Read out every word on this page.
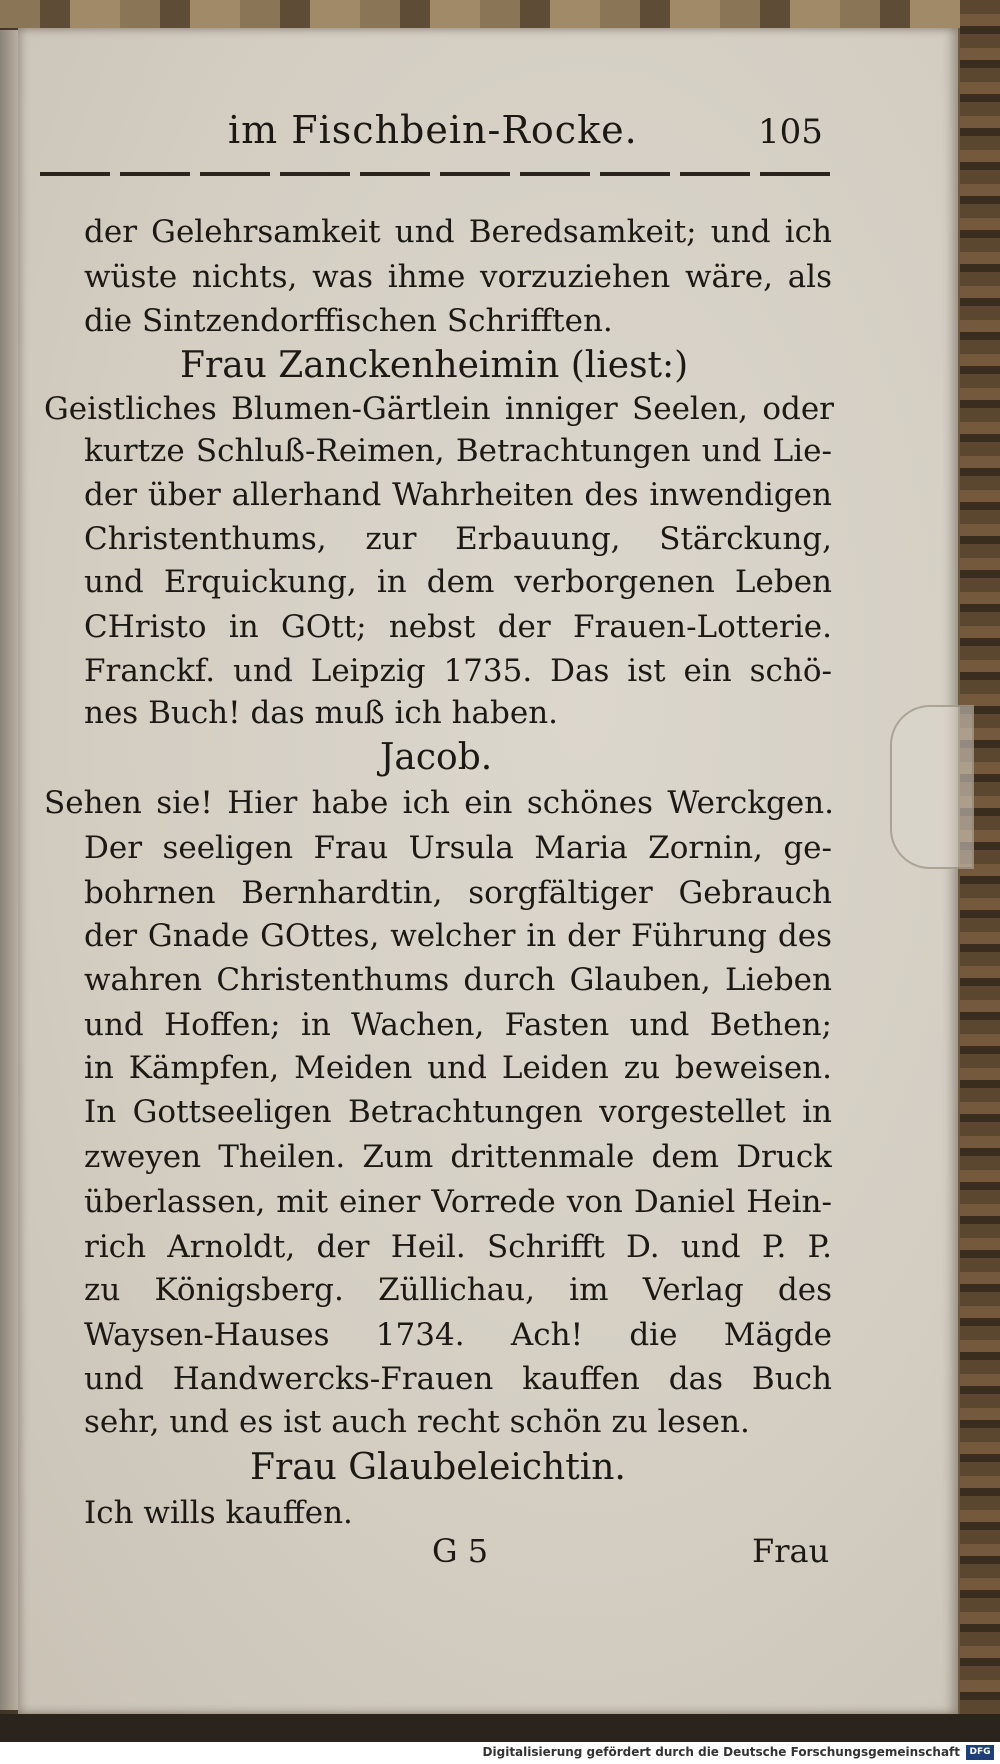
im Fischbein-Rocke.	105
der Gelehrsamkeit und Beredsamkeit; und ich
wüste nichts, was ihme vorzuziehen wäre, als
die Sintzendorffischen Schrifften.
Frau Zanckenheimin (liest:)
Geistliches Blumen-Gärtlein inniger Seelen, oder
kurtze Schluß-Reimen, Betrachtungen und Lie-
der über allerhand Wahrheiten des inwendigen
Christenthums, zur Erbauung, Stärckung,
und Erquickung, in dem verborgenen Leben
CHristo in GOtt; nebst der Frauen-Lotterie.
Franckf. und Leipzig 1735. Das ist ein schö-
nes Buch! das muß ich haben.
Jacob.
Sehen sie! Hier habe ich ein schönes Werckgen.
Der seeligen Frau Ursula Maria Zornin, ge-
bohrnen Bernhardtin, sorgfältiger Gebrauch
der Gnade GOttes, welcher in der Führung des
wahren Christenthums durch Glauben, Lieben
und Hoffen; in Wachen, Fasten und Bethen;
in Kämpfen, Meiden und Leiden zu beweisen.
In Gottseeligen Betrachtungen vorgestellet in
zweyen Theilen. Zum drittenmale dem Druck
überlassen, mit einer Vorrede von Daniel Hein-
rich Arnoldt, der Heil. Schrifft D. und P. P.
zu Königsberg. Züllichau, im Verlag des
Waysen-Hauses 1734. Ach! die Mägde
und Handwercks-Frauen kauffen das Buch
sehr, und es ist auch recht schön zu lesen.
Frau Glaubeleichtin.
Ich wills kauffen.
G 5	Frau
Digitalisierung gefördert durch die Deutsche Forschungsgemeinschaft	DFG
